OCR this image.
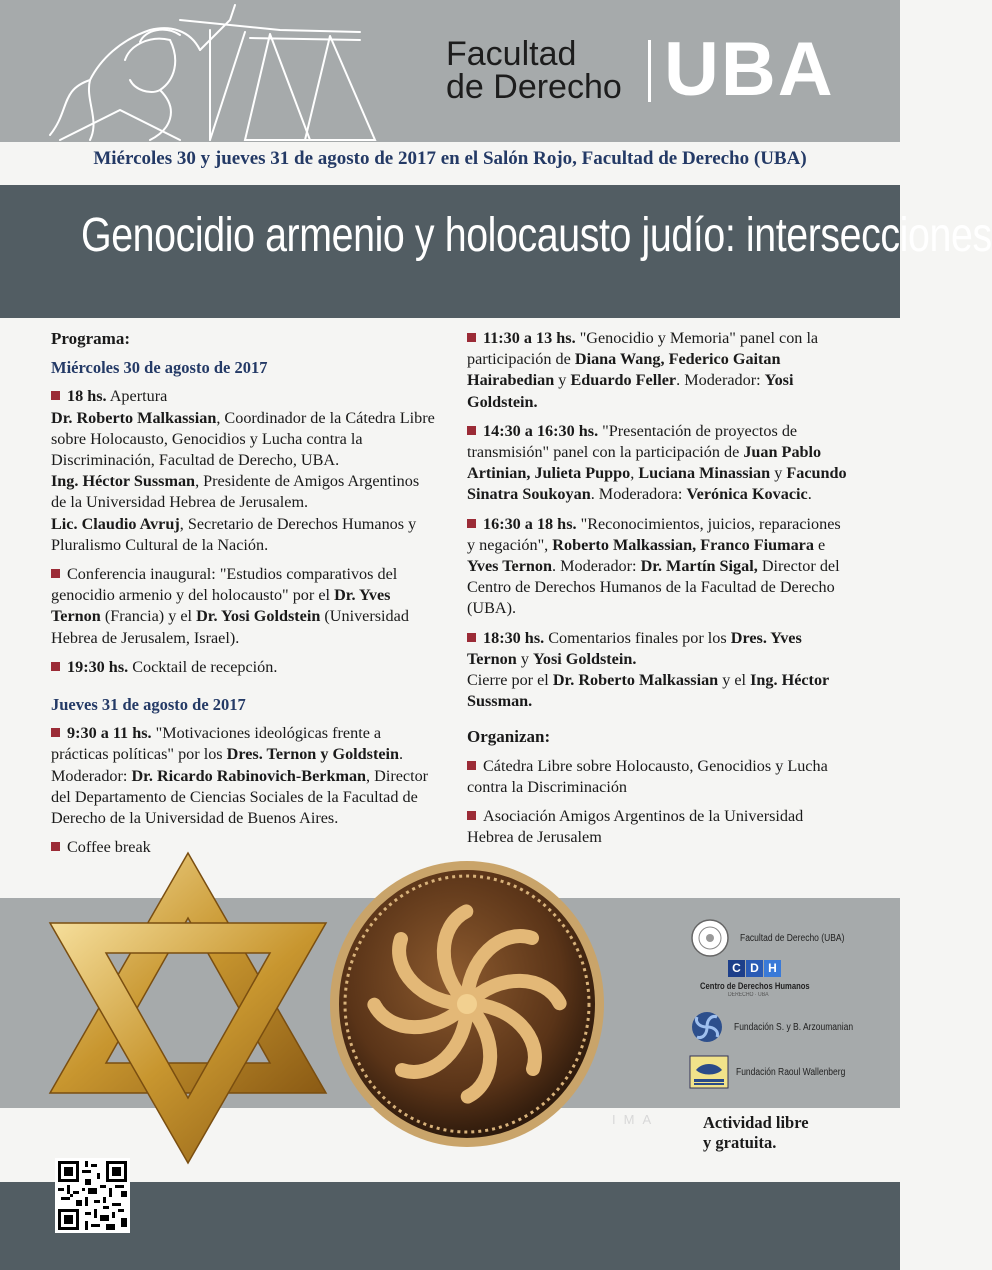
Facultad
de Derecho UBA
Miércoles 30 y jueves 31 de agosto de 2017 en el Salón Rojo, Facultad de Derecho (UBA)
Genocidio armenio y holocausto judío: intersecciones

Programa:

Miércoles 30 de agosto de 2017

18 hs. Apertura
Dr. Roberto Malkassian, Coordinador de la Cátedra Libre sobre Holocausto, Genocidios y Lucha contra la Discriminación, Facultad de Derecho, UBA.
Ing. Héctor Sussman, Presidente de Amigos Argentinos de la Universidad Hebrea de Jerusalem.
Lic. Claudio Avruj, Secretario de Derechos Humanos y Pluralismo Cultural de la Nación.

Conferencia inaugural: "Estudios comparativos del genocidio armenio y del holocausto" por el Dr. Yves Ternon (Francia) y el Dr. Yosi Goldstein (Universidad Hebrea de Jerusalem, Israel).

19:30 hs. Cocktail de recepción.

Jueves 31 de agosto de 2017

9:30 a 11 hs. "Motivaciones ideológicas frente a prácticas políticas" por los Dres. Ternon y Goldstein. Moderador: Dr. Ricardo Rabinovich-Berkman, Director del Departamento de Ciencias Sociales de la Facultad de Derecho de la Universidad de Buenos Aires.

Coffee break

11:30 a 13 hs. "Genocidio y Memoria" panel con la participación de Diana Wang, Federico Gaitan Hairabedian y Eduardo Feller. Moderador: Yosi Goldstein.

14:30 a 16:30 hs. "Presentación de proyectos de transmisión" panel con la participación de Juan Pablo Artinian, Julieta Puppo, Luciana Minassian y Facundo Sinatra Soukoyan. Moderadora: Verónica Kovacic.

16:30 a 18 hs. "Reconocimientos, juicios, reparaciones y negación", Roberto Malkassian, Franco Fiumara e Yves Ternon. Moderador: Dr. Martín Sigal, Director del Centro de Derechos Humanos de la Facultad de Derecho (UBA).

18:30 hs. Comentarios finales por los Dres. Yves Ternon y Yosi Goldstein.
Cierre por el Dr. Roberto Malkassian y el Ing. Héctor Sussman.

Organizan:

Cátedra Libre sobre Holocausto, Genocidios y Lucha contra la Discriminación

Asociación Amigos Argentinos de la Universidad Hebrea de Jerusalem

Facultad de Derecho (UBA)
C D H
Centro de Derechos Humanos
DERECHO · UBA
Fundación S. y B. Arzoumanian
Fundación Raoul Wallenberg
IMA	Actividad libre
y gratuita.
